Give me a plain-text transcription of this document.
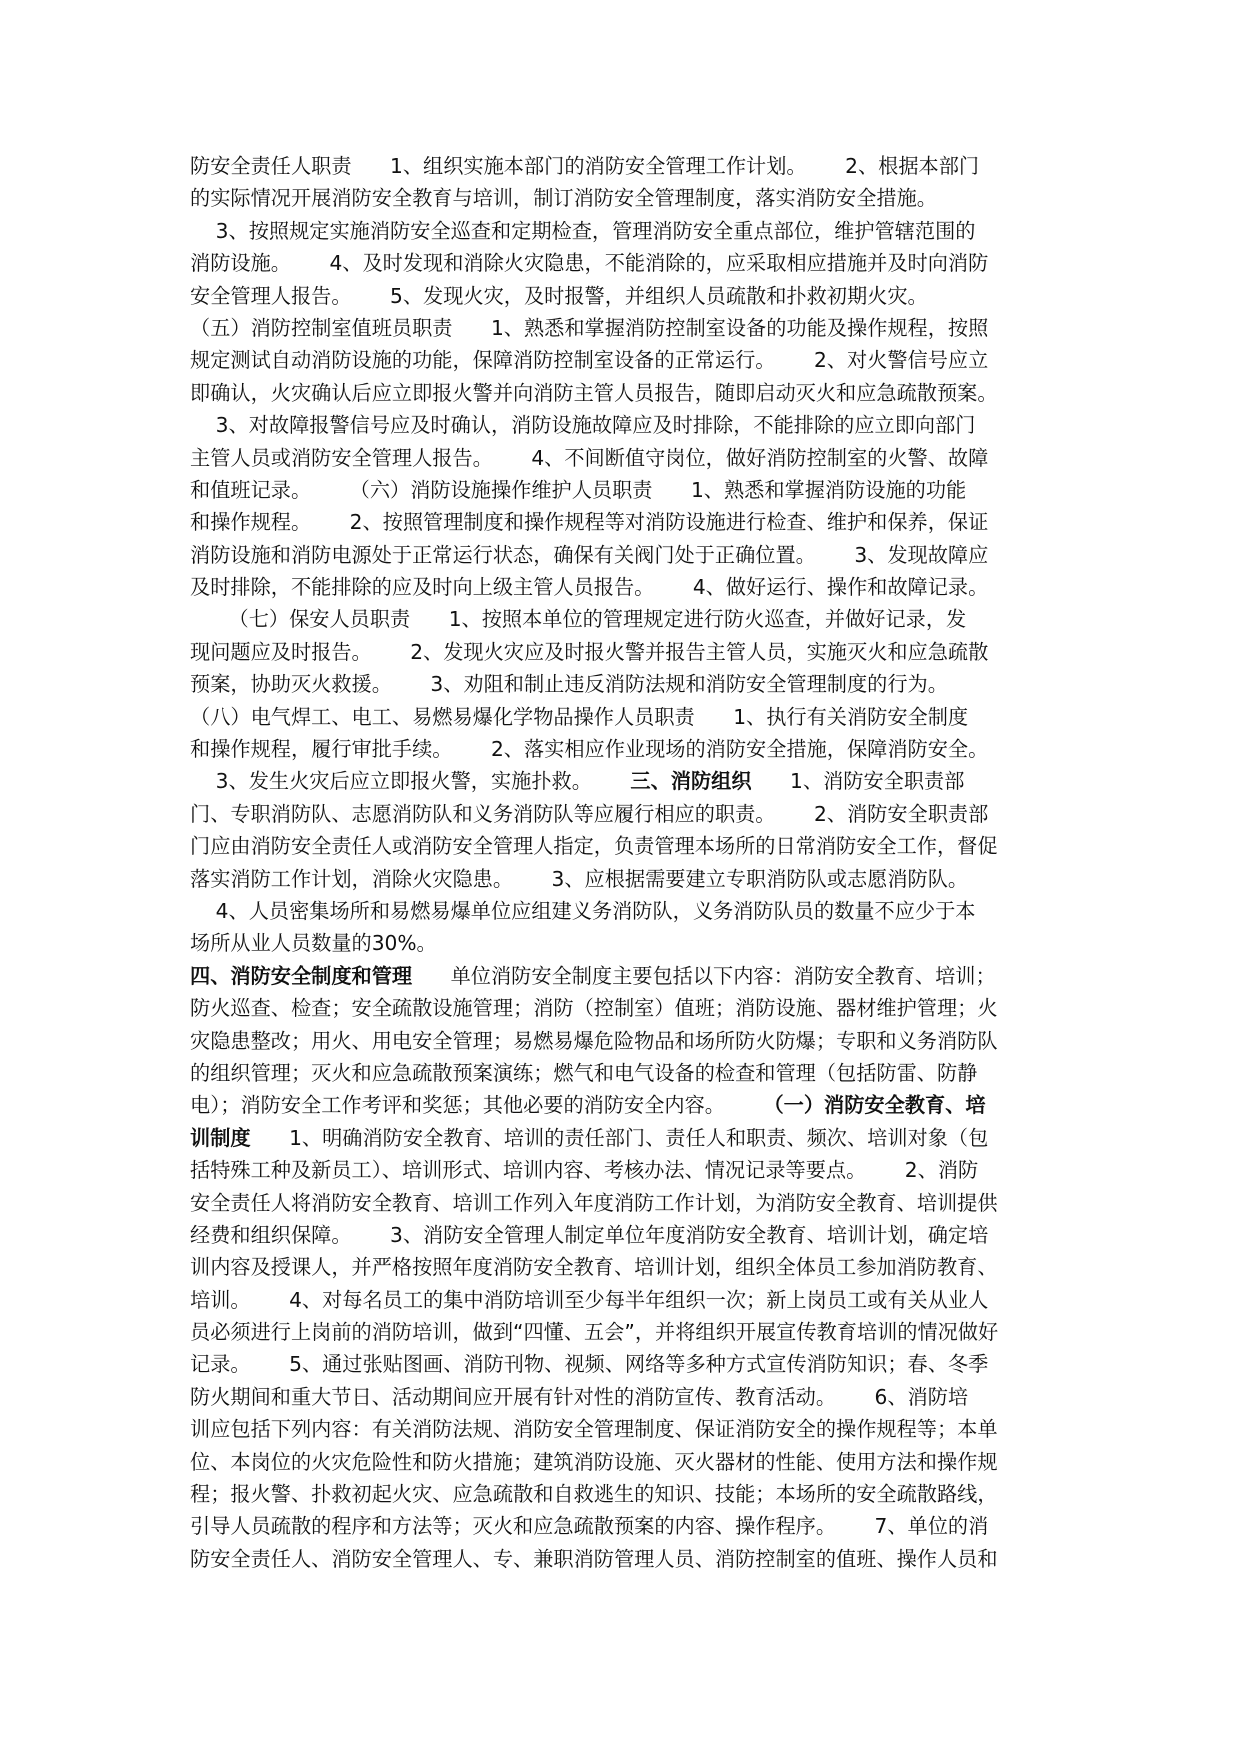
防安全责任人职责      1、组织实施本部门的消防安全管理工作计划。      2、根据本部门
的实际情况开展消防安全教育与培训，制订消防安全管理制度，落实消防安全措施。
3、按照规定实施消防安全巡查和定期检查，管理消防安全重点部位，维护管辖范围的
消防设施。      4、及时发现和消除火灾隐患，不能消除的，应采取相应措施并及时向消防
安全管理人报告。      5、发现火灾，及时报警，并组织人员疏散和扑救初期火灾。
（五）消防控制室值班员职责      1、熟悉和掌握消防控制室设备的功能及操作规程，按照
规定测试自动消防设施的功能，保障消防控制室设备的正常运行。      2、对火警信号应立
即确认，火灾确认后应立即报火警并向消防主管人员报告，随即启动灭火和应急疏散预案。
3、对故障报警信号应及时确认，消防设施故障应及时排除，不能排除的应立即向部门
主管人员或消防安全管理人报告。      4、不间断值守岗位，做好消防控制室的火警、故障
和值班记录。      （六）消防设施操作维护人员职责      1、熟悉和掌握消防设施的功能
和操作规程。      2、按照管理制度和操作规程等对消防设施进行检查、维护和保养，保证
消防设施和消防电源处于正常运行状态，确保有关阀门处于正确位置。      3、发现故障应
及时排除，不能排除的应及时向上级主管人员报告。      4、做好运行、操作和故障记录。
（七）保安人员职责      1、按照本单位的管理规定进行防火巡查，并做好记录，发
现问题应及时报告。      2、发现火灾应及时报火警并报告主管人员，实施灭火和应急疏散
预案，协助灭火救援。      3、劝阻和制止违反消防法规和消防安全管理制度的行为。
（八）电气焊工、电工、易燃易爆化学物品操作人员职责      1、执行有关消防安全制度
和操作规程，履行审批手续。      2、落实相应作业现场的消防安全措施，保障消防安全。
3、发生火灾后应立即报火警，实施扑救。      三、消防组织      1、消防安全职责部
门、专职消防队、志愿消防队和义务消防队等应履行相应的职责。      2、消防安全职责部
门应由消防安全责任人或消防安全管理人指定，负责管理本场所的日常消防安全工作，督促
落实消防工作计划，消除火灾隐患。      3、应根据需要建立专职消防队或志愿消防队。
4、人员密集场所和易燃易爆单位应组建义务消防队，义务消防队员的数量不应少于本
场所从业人员数量的30%。
四、消防安全制度和管理      单位消防安全制度主要包括以下内容：消防安全教育、培训；
防火巡查、检查；安全疏散设施管理；消防（控制室）值班；消防设施、器材维护管理；火
灾隐患整改；用火、用电安全管理；易燃易爆危险物品和场所防火防爆；专职和义务消防队
的组织管理；灭火和应急疏散预案演练；燃气和电气设备的检查和管理（包括防雷、防静
电）；消防安全工作考评和奖惩；其他必要的消防安全内容。      （一）消防安全教育、培
训制度      1、明确消防安全教育、培训的责任部门、责任人和职责、频次、培训对象（包
括特殊工种及新员工）、培训形式、培训内容、考核办法、情况记录等要点。      2、消防
安全责任人将消防安全教育、培训工作列入年度消防工作计划，为消防安全教育、培训提供
经费和组织保障。      3、消防安全管理人制定单位年度消防安全教育、培训计划，确定培
训内容及授课人，并严格按照年度消防安全教育、培训计划，组织全体员工参加消防教育、
培训。      4、对每名员工的集中消防培训至少每半年组织一次；新上岗员工或有关从业人
员必须进行上岗前的消防培训，做到“四懂、五会”，并将组织开展宣传教育培训的情况做好
记录。      5、通过张贴图画、消防刊物、视频、网络等多种方式宣传消防知识；春、冬季
防火期间和重大节日、活动期间应开展有针对性的消防宣传、教育活动。      6、消防培
训应包括下列内容：有关消防法规、消防安全管理制度、保证消防安全的操作规程等；本单
位、本岗位的火灾危险性和防火措施；建筑消防设施、灭火器材的性能、使用方法和操作规
程；报火警、扑救初起火灾、应急疏散和自救逃生的知识、技能；本场所的安全疏散路线，
引导人员疏散的程序和方法等；灭火和应急疏散预案的内容、操作程序。      7、单位的消
防安全责任人、消防安全管理人、专、兼职消防管理人员、消防控制室的值班、操作人员和
